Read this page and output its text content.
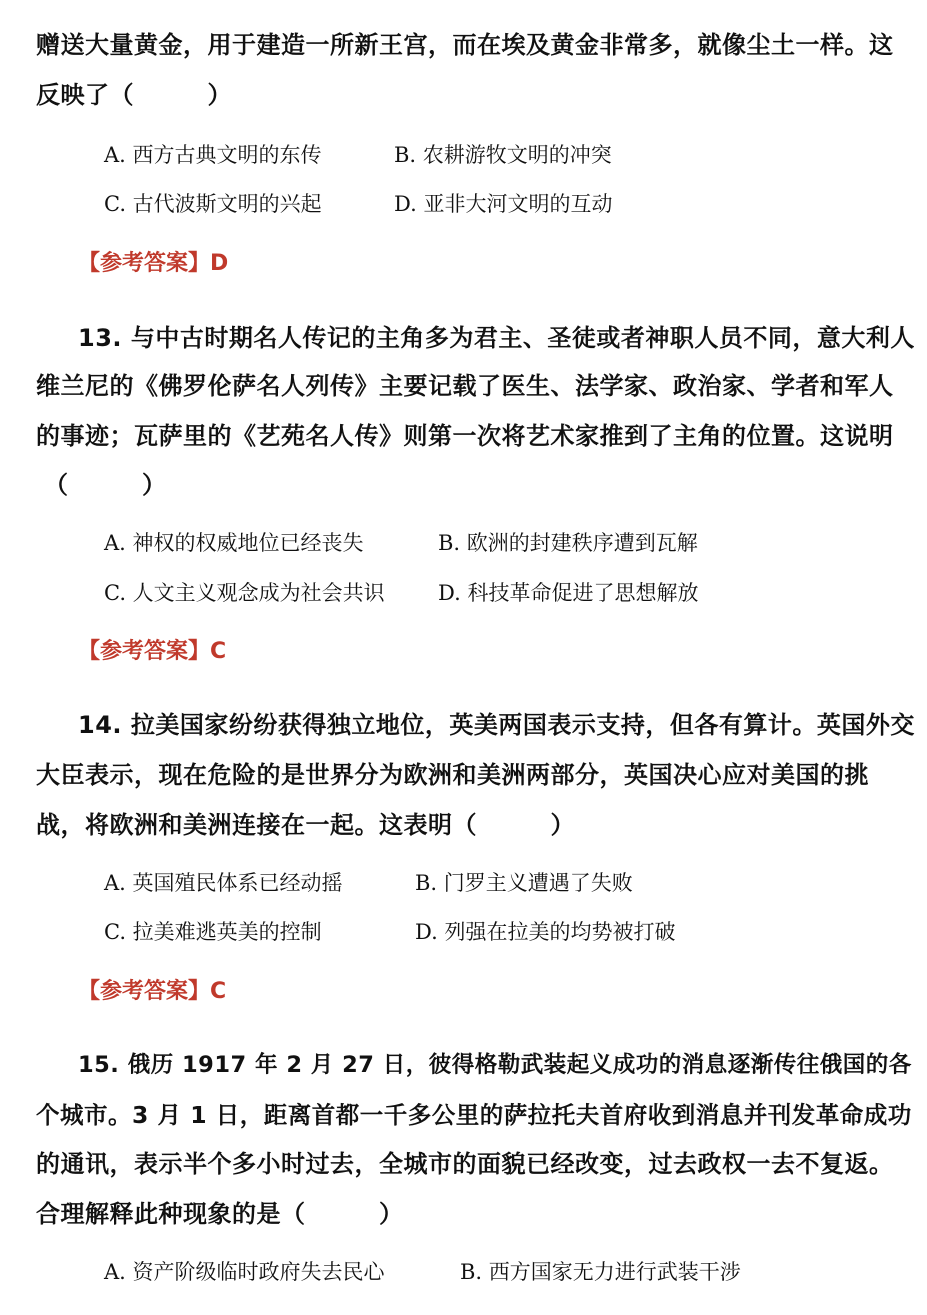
赠送大量黄金，用于建造一所新王宫，而在埃及黄金非常多，就像尘土一样。这
反映了（　　　）
A. 西方古典文明的东传	B. 农耕游牧文明的冲突
C. 古代波斯文明的兴起	D. 亚非大河文明的互动
【参考答案】D
13. 与中古时期名人传记的主角多为君主、圣徒或者神职人员不同，意大利人
维兰尼的《佛罗伦萨名人列传》主要记载了医生、法学家、政治家、学者和军人
的事迹；瓦萨里的《艺苑名人传》则第一次将艺术家推到了主角的位置。这说明
（　　　）
A. 神权的权威地位已经丧失	B. 欧洲的封建秩序遭到瓦解
C. 人文主义观念成为社会共识	D. 科技革命促进了思想解放
【参考答案】C
14. 拉美国家纷纷获得独立地位，英美两国表示支持，但各有算计。英国外交
大臣表示，现在危险的是世界分为欧洲和美洲两部分，英国决心应对美国的挑
战，将欧洲和美洲连接在一起。这表明（　　　）
A. 英国殖民体系已经动摇	B. 门罗主义遭遇了失败
C. 拉美难逃英美的控制	D. 列强在拉美的均势被打破
【参考答案】C
15. 俄历 1917 年 2 月 27 日，彼得格勒武装起义成功的消息逐渐传往俄国的各
个城市。3 月 1 日，距离首都一千多公里的萨拉托夫首府收到消息并刊发革命成功
的通讯，表示半个多小时过去，全城市的面貌已经改变，过去政权一去不复返。
合理解释此种现象的是（　　　）
A. 资产阶级临时政府失去民心	B. 西方国家无力进行武装干涉
